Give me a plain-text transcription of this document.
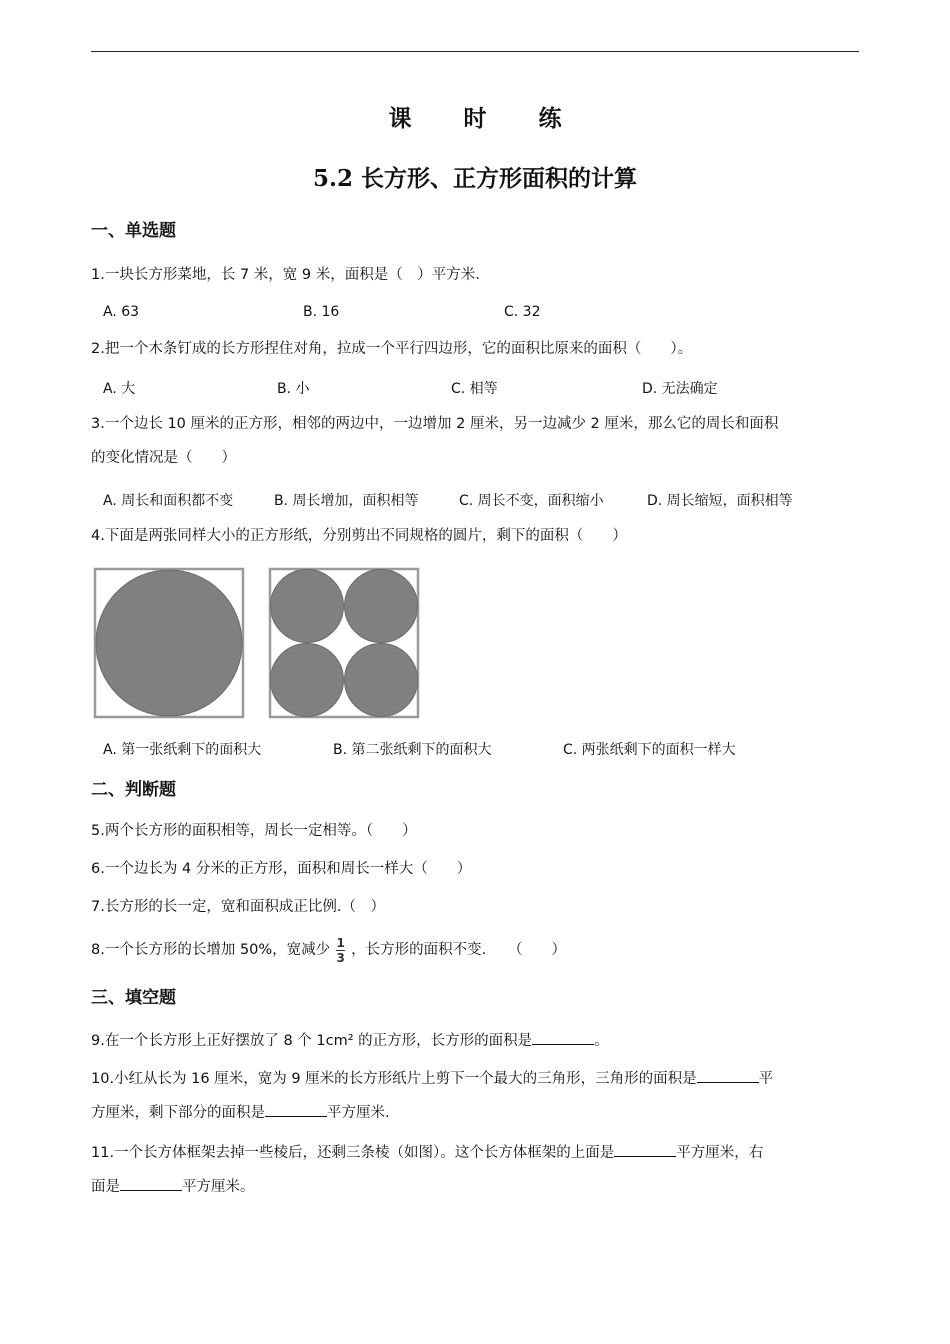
课 时 练
5.2 长方形、正方形面积的计算
一、单选题
1.一块长方形菜地，长 7 米，宽 9 米，面积是（　）平方米.
A. 63	B. 16	C. 32
2.把一个木条钉成的长方形捏住对角，拉成一个平行四边形，它的面积比原来的面积（　　）。
A. 大	B. 小	C. 相等	D. 无法确定
3.一个边长 10 厘米的正方形，相邻的两边中，一边增加 2 厘米，另一边减少 2 厘米，那么它的周长和面积
的变化情况是（　　）
A. 周长和面积都不变	B. 周长增加，面积相等	C. 周长不变，面积缩小	D. 周长缩短，面积相等
4.下面是两张同样大小的正方形纸，分别剪出不同规格的圆片，剩下的面积（　　）
A. 第一张纸剩下的面积大	B. 第二张纸剩下的面积大	C. 两张纸剩下的面积一样大
二、判断题
5.两个长方形的面积相等，周长一定相等。（　　）
6.一个边长为 4 分米的正方形，面积和周长一样大（　　）
7.长方形的长一定，宽和面积成正比例.（　）
8.一个长方形的长增加 50%，宽减少 $\frac{1}{3}$ ，长方形的面积不变.　　（　　）
三、填空题
9.在一个长方形上正好摆放了 8 个 1cm² 的正方形，长方形的面积是	。
10.小红从长为 16 厘米，宽为 9 厘米的长方形纸片上剪下一个最大的三角形，三角形的面积是	平
方厘米，剩下部分的面积是	平方厘米.
11.一个长方体框架去掉一些棱后，还剩三条棱（如图）。这个长方体框架的上面是	平方厘米，右
面是	平方厘米。
